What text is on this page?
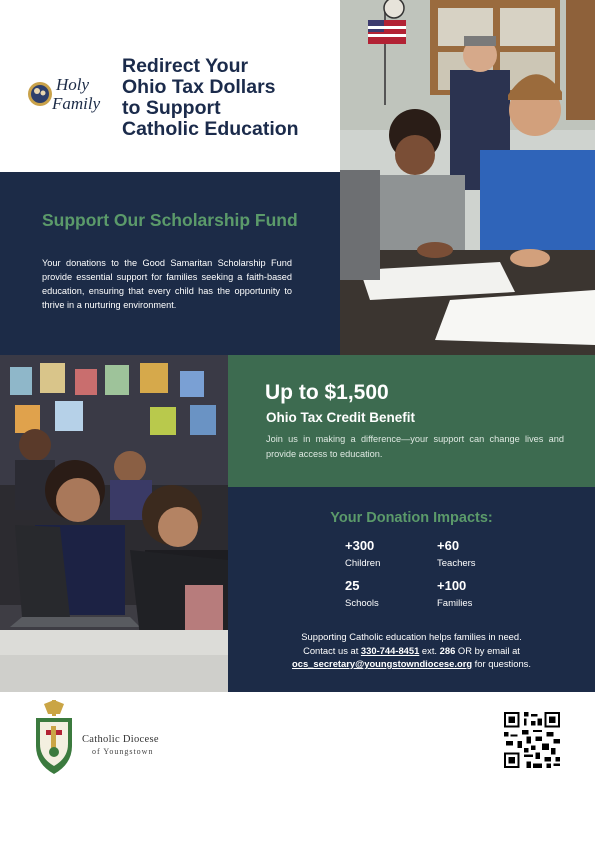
Holy
Family
Redirect Your
Ohio Tax Dollars
to Support
Catholic Education
Support Our Scholarship Fund

Your donations to the Good Samaritan Scholarship Fund provide essential support for families seeking a faith-based education, ensuring that every child has the opportunity to thrive in a nurturing environment.

Up to $1,500
Ohio Tax Credit Benefit

Join us in making a difference—your support can change lives and provide access to education.

Your Donation Impacts:

+300

Children

+60

Teachers

25

Schools

+100

Families

Supporting Catholic education helps families in need.
Contact us at 330-744-8451 ext. 286 OR by email at
ocs_secretary@youngstowndiocese.org for questions.

Catholic Diocese
of Youngstown
